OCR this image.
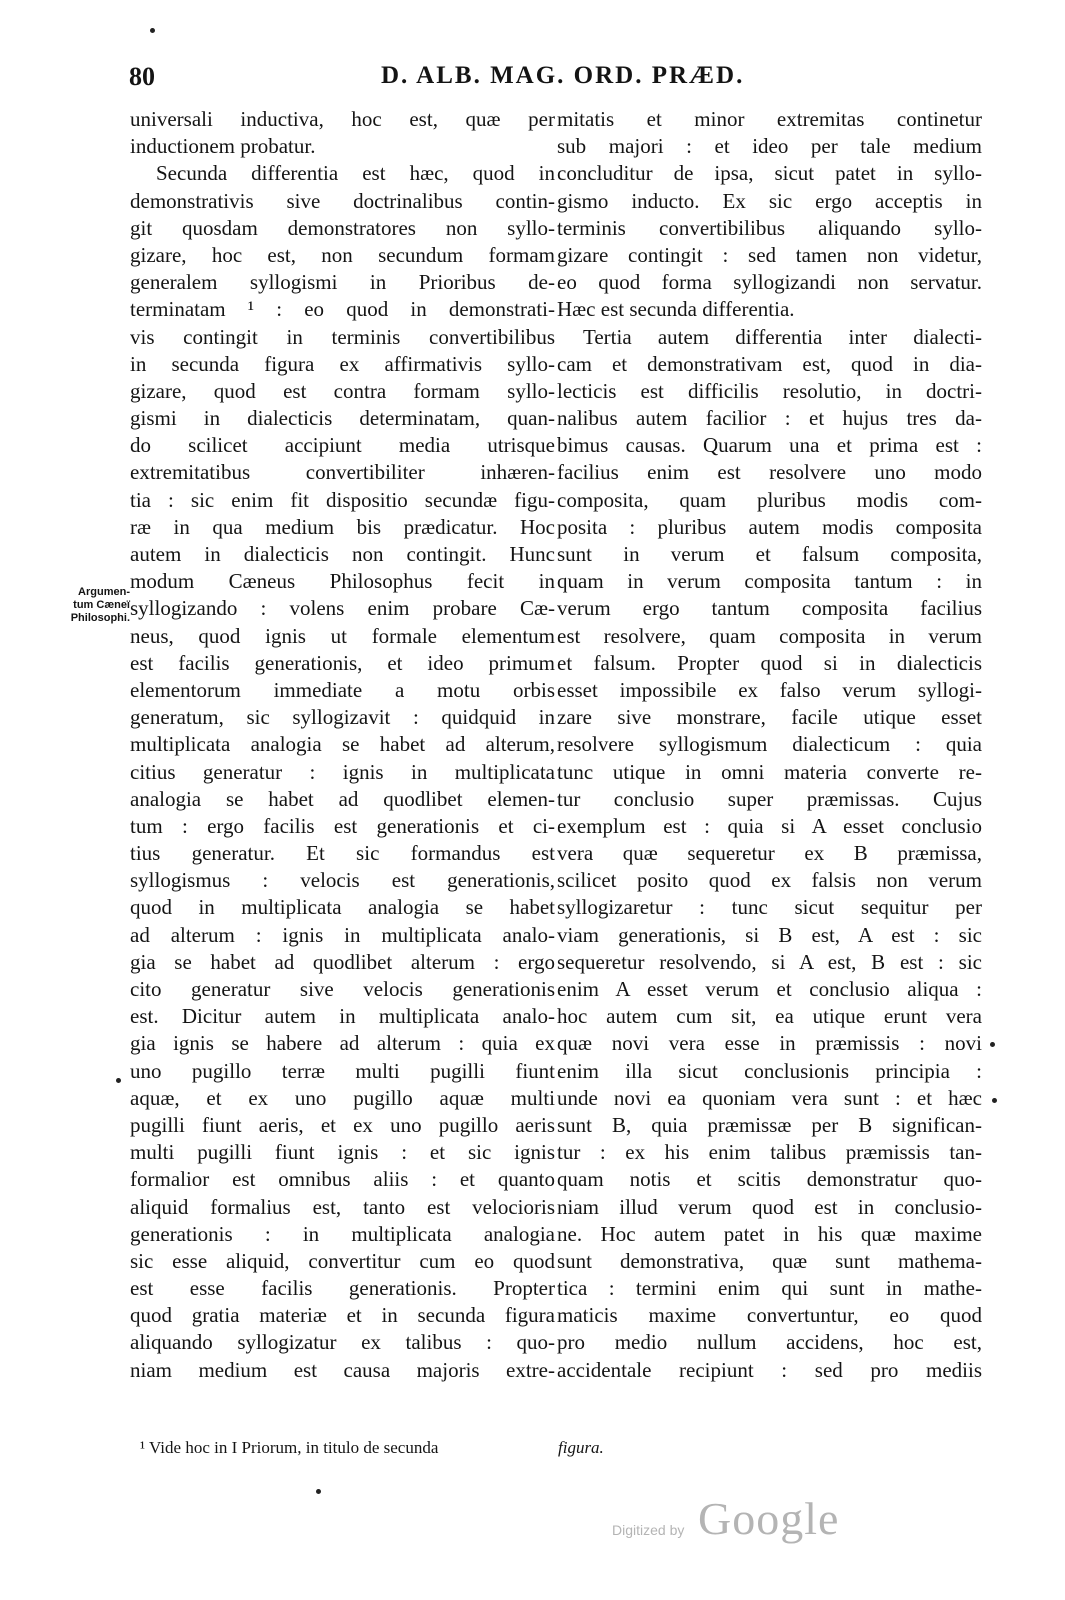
80	D. ALB. MAG. ORD. PRÆD.
Argumen-
tum Cæneï
Philosophi.
universali inductiva, hoc est, quæ per
inductionem probatur.
Secunda differentia est hæc, quod in
demonstrativis sive doctrinalibus contin-
git quosdam demonstratores non syllo-
gizare, hoc est, non secundum formam
generalem syllogismi in Prioribus de-
terminatam ¹ : eo quod in demonstrati-
vis contingit in terminis convertibilibus
in secunda figura ex affirmativis syllo-
gizare, quod est contra formam syllo-
gismi in dialecticis determinatam, quan-
do scilicet accipiunt media utrisque
extremitatibus convertibiliter inhæren-
tia : sic enim fit dispositio secundæ figu-
ræ in qua medium bis prædicatur. Hoc
autem in dialecticis non contingit. Hunc
modum Cæneus Philosophus fecit in
syllogizando : volens enim probare Cæ-
neus, quod ignis ut formale elementum
est facilis generationis, et ideo primum
elementorum immediate a motu orbis
generatum, sic syllogizavit : quidquid in
multiplicata analogia se habet ad alterum,
citius generatur : ignis in multiplicata
analogia se habet ad quodlibet elemen-
tum : ergo facilis est generationis et ci-
tius generatur. Et sic formandus est
syllogismus : velocis est generationis,
quod in multiplicata analogia se habet
ad alterum : ignis in multiplicata analo-
gia se habet ad quodlibet alterum : ergo
cito generatur sive velocis generationis
est. Dicitur autem in multiplicata analo-
gia ignis se habere ad alterum : quia ex
uno pugillo terræ multi pugilli fiunt
aquæ, et ex uno pugillo aquæ multi
pugilli fiunt aeris, et ex uno pugillo aeris
multi pugilli fiunt ignis : et sic ignis
formalior est omnibus aliis : et quanto
aliquid formalius est, tanto est velocioris
generationis : in multiplicata analogia
sic esse aliquid, convertitur cum eo quod
est esse facilis generationis. Propter
quod gratia materiæ et in secunda figura
aliquando syllogizatur ex talibus : quo-
niam medium est causa majoris extre-
mitatis et minor extremitas continetur
sub majori : et ideo per tale medium
concluditur de ipsa, sicut patet in syllo-
gismo inducto. Ex sic ergo acceptis in
terminis convertibilibus aliquando syllo-
gizare contingit : sed tamen non videtur,
eo quod forma syllogizandi non servatur.
Hæc est secunda differentia.
Tertia autem differentia inter dialecti-
cam et demonstrativam est, quod in dia-
lecticis est difficilis resolutio, in doctri-
nalibus autem facilior : et hujus tres da-
bimus causas. Quarum una et prima est :
facilius enim est resolvere uno modo
composita, quam pluribus modis com-
posita : pluribus autem modis composita
sunt in verum et falsum composita,
quam in verum composita tantum : in
verum ergo tantum composita facilius
est resolvere, quam composita in verum
et falsum. Propter quod si in dialecticis
esset impossibile ex falso verum syllogi-
zare sive monstrare, facile utique esset
resolvere syllogismum dialecticum : quia
tunc utique in omni materia converte re-
tur conclusio super præmissas. Cujus
exemplum est : quia si A esset conclusio
vera quæ sequeretur ex B præmissa,
scilicet posito quod ex falsis non verum
syllogizaretur : tunc sicut sequitur per
viam generationis, si B est, A est : sic
sequeretur resolvendo, si A est, B est : sic
enim A esset verum et conclusio aliqua :
hoc autem cum sit, ea utique erunt vera
quæ novi vera esse in præmissis : novi
enim illa sicut conclusionis principia :
unde novi ea quoniam vera sunt : et hæc
sunt B, quia præmissæ per B significan-
tur : ex his enim talibus præmissis tan-
quam notis et scitis demonstratur quo-
niam illud verum quod est in conclusio-
ne. Hoc autem patet in his quæ maxime
sunt demonstrativa, quæ sunt mathema-
tica : termini enim qui sunt in mathe-
maticis maxime convertuntur, eo quod
pro medio nullum accidens, hoc est,
accidentale recipiunt : sed pro mediis
¹ Vide hoc in I Priorum, in titulo de secunda	figura.
Digitized by Google
